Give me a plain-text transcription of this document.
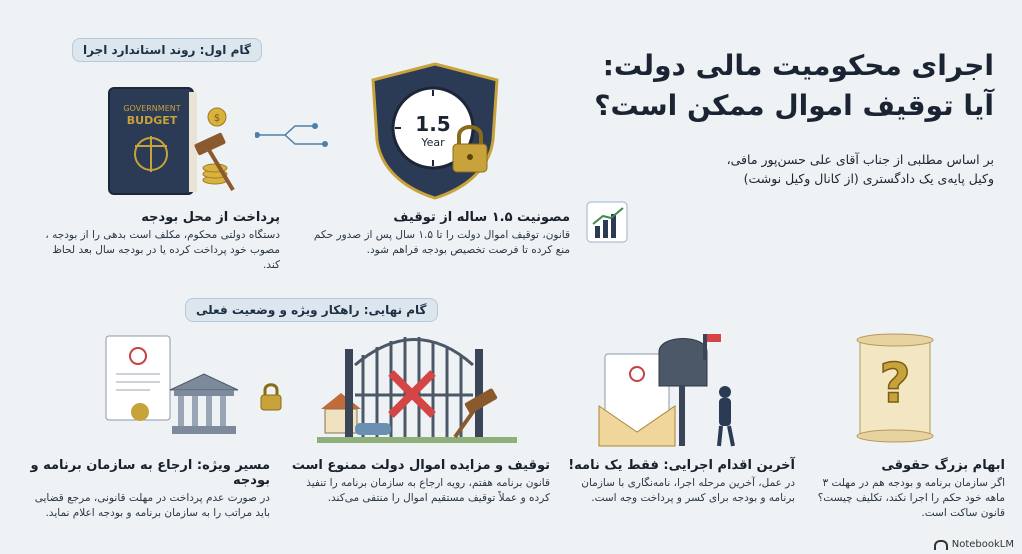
اجرای محکومیت مالی دولت:
آیا توقیف اموال ممکن است؟
بر اساس مطلبی از جناب آقای علی حسن‌پور مافی،
وکیل پایه‌ی یک دادگستری (از کانال وکیل نوشت)
گام اول: روند استاندارد اجرا
گام نهایی: راهکار ویژه و وضعیت فعلی
GOVERNMENT
BUDGET	$	1.5
Year
پرداخت از محل بودجه
دستگاه دولتی محکوم، مکلف است بدهی را از بودجه ، مصوب خود پرداخت کرده یا در بودجه سال بعد لحاظ کند.
مصونیت ۱.۵ ساله از توقیف
قانون، توقیف اموال دولت را تا ۱.۵ سال پس از صدور حکم منع کرده تا فرصت تخصیص بودجه فراهم شود.
?
مسیر ویژه: ارجاع به سازمان برنامه و بودجه
در صورت عدم پرداخت در مهلت قانونی، مرجع قضایی باید مراتب را به سازمان برنامه و بودجه اعلام نماید.
توقیف و مزایده اموال دولت ممنوع است
قانون برنامه هفتم، رویه ارجاع به سازمان برنامه را تنفیذ کرده و عملاً توقیف مستقیم اموال را منتفی می‌کند.
آخرین اقدام اجرایی: فقط یک نامه!
در عمل، آخرین مرحله اجرا، نامه‌نگاری با سازمان برنامه و بودجه برای کسر و پرداخت وجه است.
ابهام بزرگ حقوقی
اگر سازمان برنامه و بودجه هم در مهلت ۳ ماهه خود حکم را اجرا نکند، تکلیف چیست؟ قانون ساکت است.
NotebookLM
